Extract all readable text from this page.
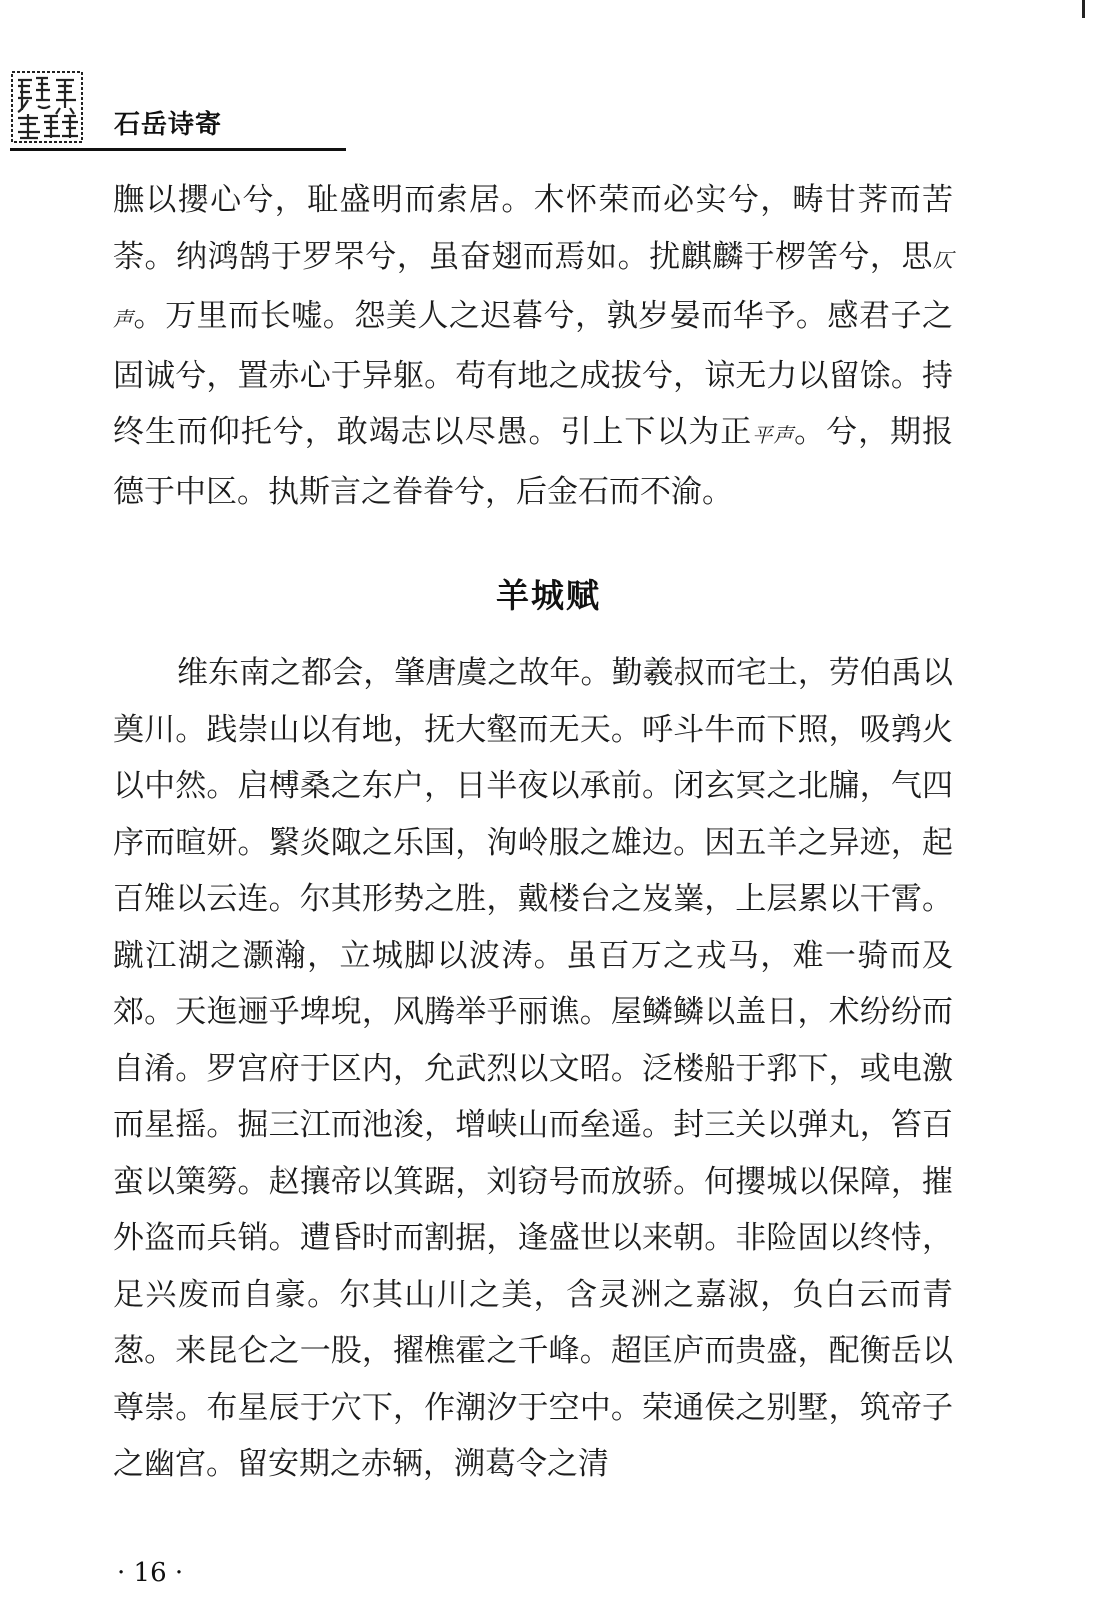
石岳诗寄
膴以攖心兮，耻盛明而索居。木怀荣而必实兮，畴甘荠而苦荼。纳鸿鹄于罗罘兮，虽奋翅而焉如。扰麒麟于椤筈兮，思仄声。万里而长嘘。怨美人之迟暮兮，孰岁晏而华予。感君子之固诚兮，置赤心于异躯。苟有地之成拔兮，谅无力以留馀。持终生而仰托兮，敢竭志以尽愚。引上下以为正平声。兮，期报德于中区。执斯言之眷眷兮，后金石而不渝。
羊城赋
维东南之都会，肇唐虞之故年。勤羲叔而宅土，劳伯禹以奠川。践崇山以有地，抚大壑而无天。呼斗牛而下照，吸鹑火以中然。启榑桑之东户，日半夜以承前。闭玄冥之北牖，气四序而暄妍。繄炎陬之乐国，洵岭服之雄边。因五羊之异迹，起百雉以云连。尔其形势之胜，戴楼台之岌嶪，上层累以干霄。蹴江湖之灏瀚，立城脚以波涛。虽百万之戎马，难一骑而及郊。天迤逦乎埤堄，风腾举乎丽谯。屋鳞鳞以盖日，术纷纷而自淆。罗宫府于区内，允武烈以文昭。泛楼船于郛下，或电激而星摇。掘三江而池浚，增峡山而垒遥。封三关以弹丸，笞百蛮以篥簩。赵攘帝以箕踞，刘窃号而放骄。何攖城以保障，摧外盗而兵销。遭昏时而割据，逢盛世以来朝。非险固以终恃，足兴废而自豪。尔其山川之美，含灵洲之嘉淑，负白云而青葱。来昆仑之一股，擢樵霍之千峰。超匡庐而贵盛，配衡岳以尊崇。布星辰于穴下，作潮汐于空中。荣通侯之别墅，筑帝子之幽宫。留安期之赤辆，溯葛令之清
· 16 ·
